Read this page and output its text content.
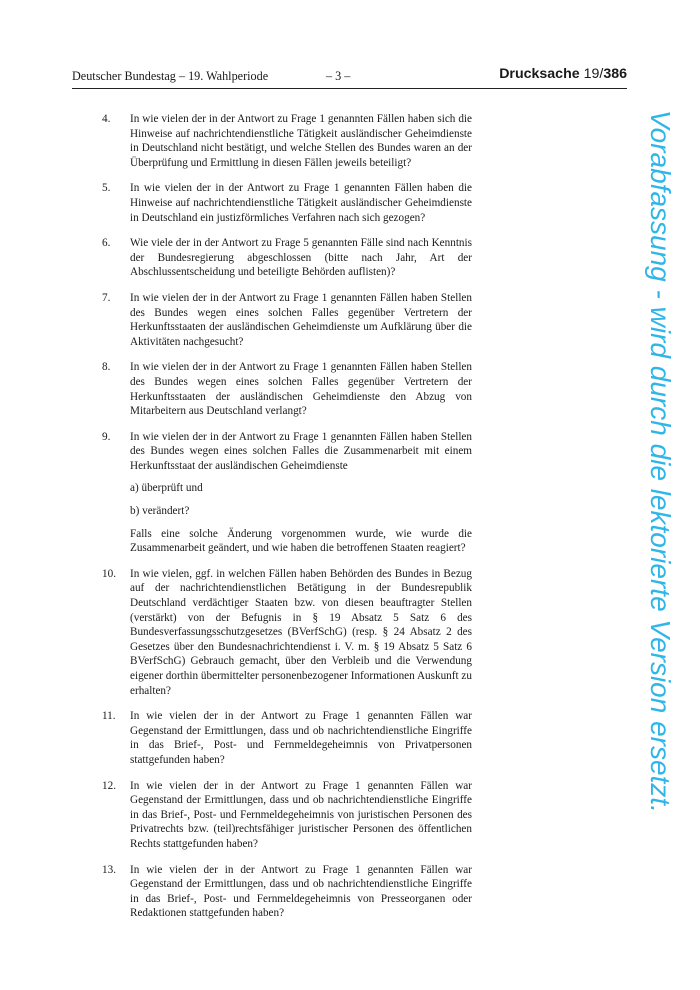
Deutscher Bundestag – 19. Wahlperiode	– 3 –	Drucksache 19/386
Vorabfassung - wird durch die lektorierte Version ersetzt.
4. In wie vielen der in der Antwort zu Frage 1 genannten Fällen haben sich die Hinweise auf nachrichtendienstliche Tätigkeit ausländischer Geheimdienste in Deutschland nicht bestätigt, und welche Stellen des Bundes waren an der Überprüfung und Ermittlung in diesen Fällen jeweils beteiligt?
5. In wie vielen der in der Antwort zu Frage 1 genannten Fällen haben die Hinweise auf nachrichtendienstliche Tätigkeit ausländischer Geheimdienste in Deutschland ein justizförmliches Verfahren nach sich gezogen?
6. Wie viele der in der Antwort zu Frage 5 genannten Fälle sind nach Kenntnis der Bundesregierung abgeschlossen (bitte nach Jahr, Art der Abschlussentscheidung und beteiligte Behörden auflisten)?
7. In wie vielen der in der Antwort zu Frage 1 genannten Fällen haben Stellen des Bundes wegen eines solchen Falles gegenüber Vertretern der Herkunftsstaaten der ausländischen Geheimdienste um Aufklärung über die Aktivitäten nachgesucht?
8. In wie vielen der in der Antwort zu Frage 1 genannten Fällen haben Stellen des Bundes wegen eines solchen Falles gegenüber Vertretern der Herkunftsstaaten der ausländischen Geheimdienste den Abzug von Mitarbeitern aus Deutschland verlangt?
9. In wie vielen der in der Antwort zu Frage 1 genannten Fällen haben Stellen des Bundes wegen eines solchen Falles die Zusammenarbeit mit einem Herkunftsstaat der ausländischen Geheimdienste
a) überprüft und
b) verändert?
Falls eine solche Änderung vorgenommen wurde, wie wurde die Zusammenarbeit geändert, und wie haben die betroffenen Staaten reagiert?
10. In wie vielen, ggf. in welchen Fällen haben Behörden des Bundes in Bezug auf der nachrichtendienstlichen Betätigung in der Bundesrepublik Deutschland verdächtiger Staaten bzw. von diesen beauftragter Stellen (verstärkt) von der Befugnis in § 19 Absatz 5 Satz 6 des Bundesverfassungsschutzgesetzes (BVerfSchG) (resp. § 24 Absatz 2 des Gesetzes über den Bundesnachrichtendienst i. V. m. § 19 Absatz 5 Satz 6 BVerfSchG) Gebrauch gemacht, über den Verbleib und die Verwendung eigener dorthin übermittelter personenbezogener Informationen Auskunft zu erhalten?
11. In wie vielen der in der Antwort zu Frage 1 genannten Fällen war Gegenstand der Ermittlungen, dass und ob nachrichtendienstliche Eingriffe in das Brief-, Post- und Fernmeldegeheimnis von Privatpersonen stattgefunden haben?
12. In wie vielen der in der Antwort zu Frage 1 genannten Fällen war Gegenstand der Ermittlungen, dass und ob nachrichtendienstliche Eingriffe in das Brief-, Post- und Fernmeldegeheimnis von juristischen Personen des Privatrechts bzw. (teil)rechtsfähiger juristischer Personen des öffentlichen Rechts stattgefunden haben?
13. In wie vielen der in der Antwort zu Frage 1 genannten Fällen war Gegenstand der Ermittlungen, dass und ob nachrichtendienstliche Eingriffe in das Brief-, Post- und Fernmeldegeheimnis von Presseorganen oder Redaktionen stattgefunden haben?
